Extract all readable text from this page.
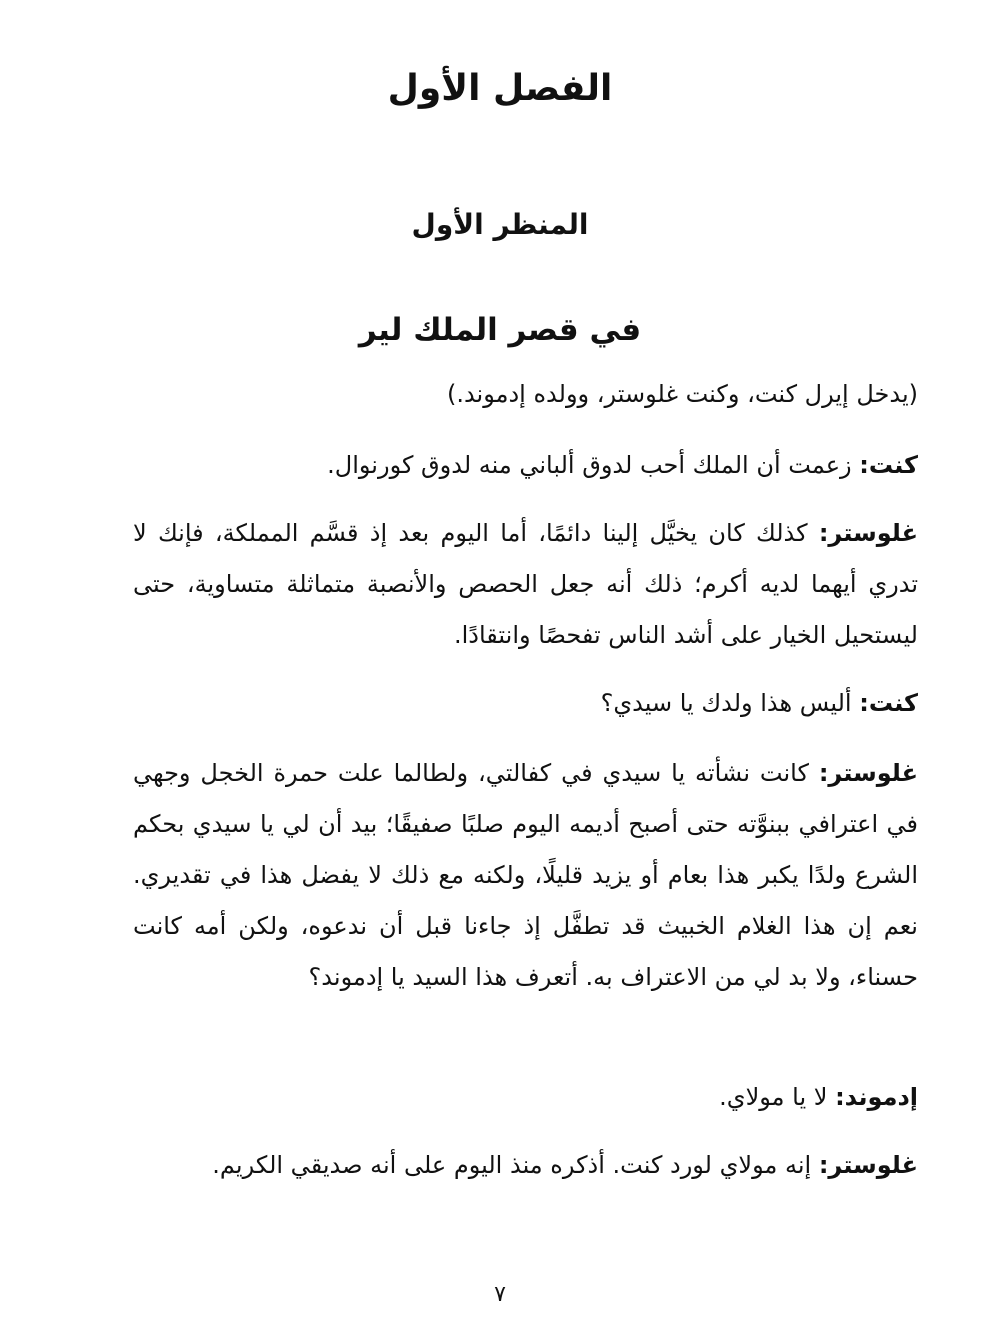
الفصل الأول
المنظر الأول
في قصر الملك لير

(يدخل إيرل كنت، وكنت غلوستر، وولده إدموند.)

كنت: زعمت أن الملك أحب لدوق ألباني منه لدوق كورنوال.

غلوستر: كذلك كان يخيَّل إلينا دائمًا، أما اليوم بعد إذ قسَّم المملكة، فإنك لا تدري أيهما لديه أكرم؛ ذلك أنه جعل الحصص والأنصبة متماثلة متساوية، حتى ليستحيل الخيار على أشد الناس تفحصًا وانتقادًا.

كنت: أليس هذا ولدك يا سيدي؟

غلوستر: كانت نشأته يا سيدي في كفالتي، ولطالما علت حمرة الخجل وجهي في اعترافي ببنوَّته حتى أصبح أديمه اليوم صلبًا صفيقًا؛ بيد أن لي يا سيدي بحكم الشرع ولدًا يكبر هذا بعام أو يزيد قليلًا، ولكنه مع ذلك لا يفضل هذا في تقديري. نعم إن هذا الغلام الخبيث قد تطفَّل إذ جاءنا قبل أن ندعوه، ولكن أمه كانت حسناء، ولا بد لي من الاعتراف به. أتعرف هذا السيد يا إدموند؟

إدموند: لا يا مولاي.

غلوستر: إنه مولاي لورد كنت. أذكره منذ اليوم على أنه صديقي الكريم.

٧
